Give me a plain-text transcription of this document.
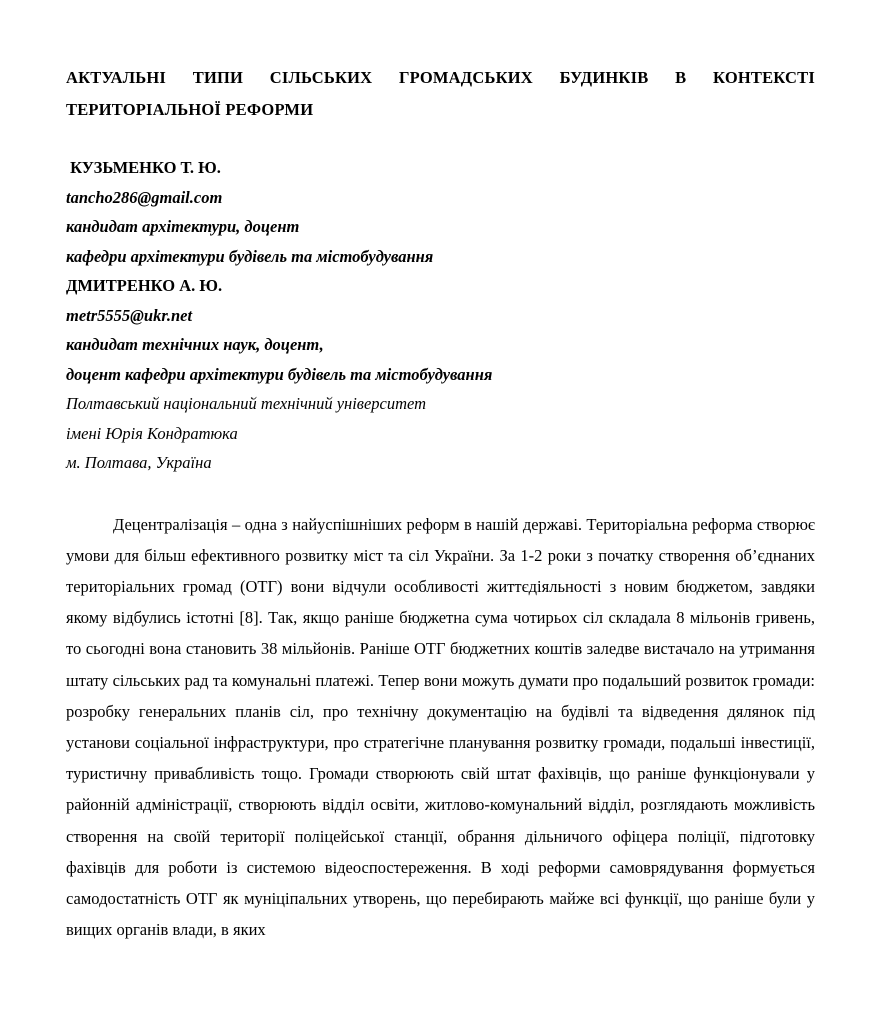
АКТУАЛЬНІ ТИПИ СІЛЬСЬКИХ ГРОМАДСЬКИХ БУДИНКІВ В КОНТЕКСТІ
ТЕРИТОРІАЛЬНОЇ РЕФОРМИ
КУЗЬМЕНКО Т. Ю.
tancho286@gmail.com
кандидат архітектури, доцент
кафедри архітектури будівель та містобудування
ДМИТРЕНКО А. Ю.
metr5555@ukr.net
кандидат технічних наук, доцент,
доцент кафедри архітектури будівель та містобудування
Полтавський національний технічний університет
імені Юрія Кондратюка
м. Полтава, Україна

Децентралізація – одна з найуспішніших реформ в нашій державі. Територіальна реформа створює умови для більш ефективного розвитку міст та сіл України. За 1-2 роки з початку створення об’єднаних територіальних громад (ОТГ) вони відчули особливості життєдіяльності з новим бюджетом, завдяки якому відбулись істотні [8]. Так, якщо раніше бюджетна сума чотирьох сіл складала 8 мільонів гривень, то сьогодні вона становить 38 мільйонів. Раніше ОТГ бюджетних коштів заледве вистачало на утримання штату сільських рад та комунальні платежі. Тепер вони можуть думати про подальший розвиток громади: розробку генеральних планів сіл, про технічну документацію на будівлі та відведення дялянок під установи соціальної інфраструктури, про стратегічне планування розвитку громади, подальші інвестиції, туристичну привабливість тощо. Громади створюють свій штат фахівців, що раніше функціонували у районній адміністрації, створюють відділ освіти, житлово-комунальний відділ, розглядають можливість створення на своїй території поліцейської станції, обрання дільничого офіцера поліції, підготовку фахівців для роботи із системою відеоспостереження. В ході реформи самоврядування формується самодостатність ОТГ як муніціпальних утворень, що перебирають майже всі функції, що раніше були у вищих органів влади, в яких
